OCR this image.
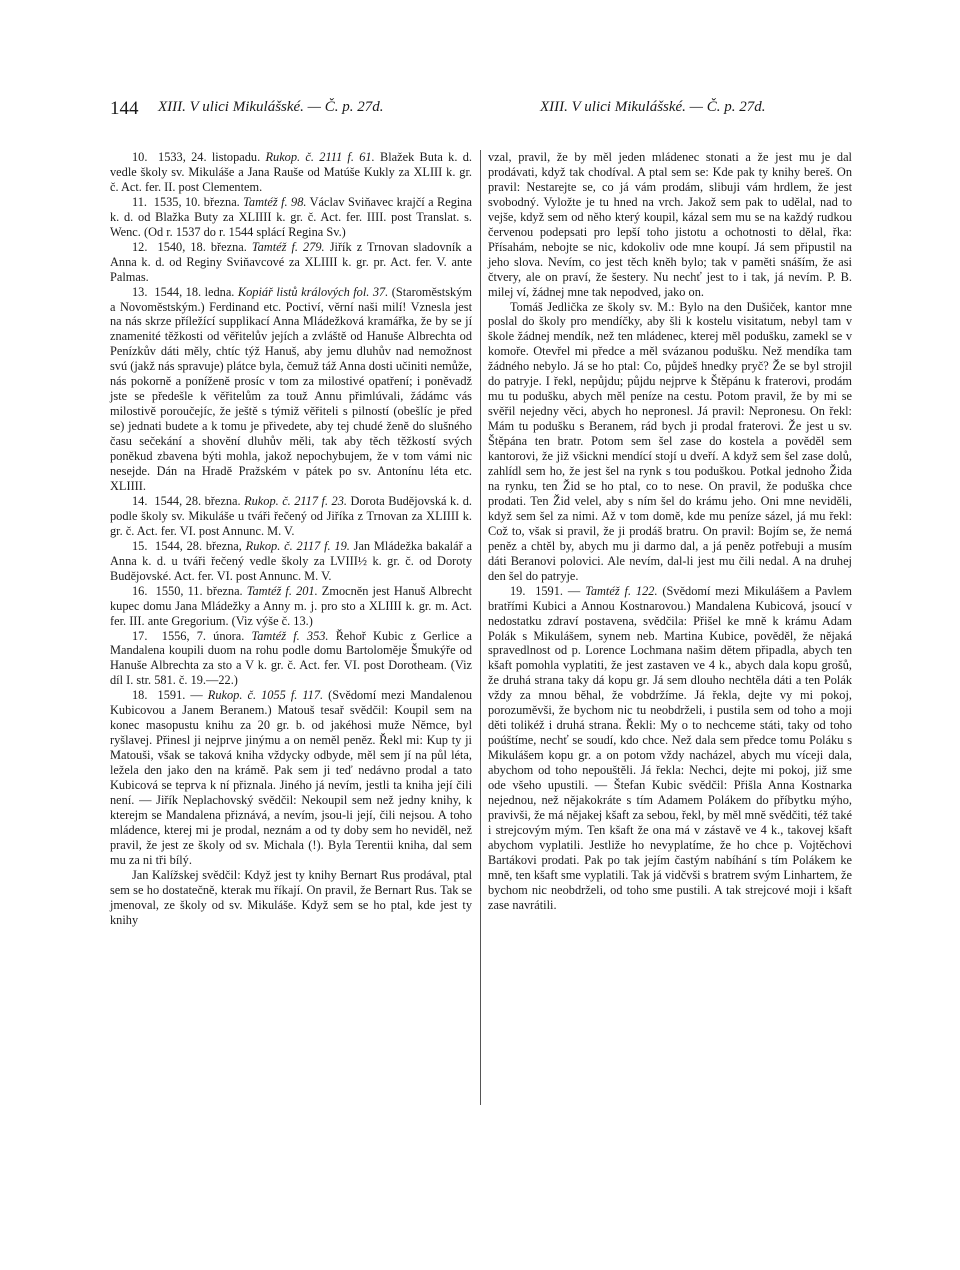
144 XIII. V ulici Mikulášské. — Č. p. 27d.	XIII. V ulici Mikulášské. — Č. p. 27d.

10.  1533, 24. listopadu. Rukop. č. 2111 f. 61. Blažek Buta k. d. vedle školy sv. Mikuláše a Jana Rauše od Matúše Kukly za XLIII k. gr. č. Act. fer. II. post Clementem.

11.  1535, 10. března. Tamtéž f. 98. Václav Sviňavec krajčí a Regina k. d. od Blažka Buty za XLIIII k. gr. č. Act. fer. IIII. post Translat. s. Wenc. (Od r. 1537 do r. 1544 splácí Regina Sv.)

12.  1540, 18. března. Tamtéž f. 279. Jiřík z Trnovan sladovník a Anna k. d. od Reginy Sviňavcové za XLIIII k. gr. pr. Act. fer. V. ante Palmas.

13.  1544, 18. ledna. Kopiář listů králových fol. 37. (Staroměstským a Novoměstským.) Ferdinand etc. Poctiví, věrní naši milí! Vznesla jest na nás skrze příležící supplikací Anna Mládežková kramářka, že by se jí znamenité těžkosti od věřitelův jejích a zvláště od Hanuše Albrechta od Penízkův dáti měly, chtíc týž Hanuš, aby jemu dluhův nad nemožnost svú (jakž nás spravuje) plátce byla, čemuž táž Anna dosti učiniti nemůže, nás pokorně a poníženě prosíc v tom za milostivé opatření; i poněvadž jste se předešle k věřitelům za touž Annu přimlúvali, žádámc vás milostivě poroučejíc, že ještě s týmiž věřiteli s pilností (obešlíc je před se) jednati budete a k tomu je přivedete, aby tej chudé ženě do slušného času sečekání a shovění dluhův měli, tak aby těch těžkostí svých poněkud zbavena býti mohla, jakož nepochybujem, že v tom vámi nic nesejde. Dán na Hradě Pražském v pátek po sv. Antonínu léta etc. XLIIII.

14.  1544, 28. března. Rukop. č. 2117 f. 23. Dorota Budějovská k. d. podle školy sv. Mikuláše u tváři řečený od Jiříka z Trnovan za XLIIII k. gr. č. Act. fer. VI. post Annunc. M. V.

15.  1544, 28. března, Rukop. č. 2117 f. 19. Jan Mládežka bakalář a Anna k. d. u tváři řečený vedle školy za LVIII½ k. gr. č. od Doroty Budějovské. Act. fer. VI. post Annunc. M. V.

16.  1550, 11. března. Tamtéž f. 201. Zmocněn jest Hanuš Albrecht kupec domu Jana Mládežky a Anny m. j. pro sto a XLIIII k. gr. m. Act. fer. III. ante Gregorium. (Viz výše č. 13.)

17.  1556, 7. února. Tamtéž f. 353. Řehoř Kubic z Gerlice a Mandalena koupili duom na rohu podle domu Bartoloměje Šmukýře od Hanuše Albrechta za sto a V k. gr. č. Act. fer. VI. post Dorotheam. (Viz díl I. str. 581. č. 19.—22.)

18.  1591. — Rukop. č. 1055 f. 117. (Svědomí mezi Mandalenou Kubicovou a Janem Beranem.) Matouš tesař svědčil: Koupil sem na konec masopustu knihu za 20 gr. b. od jakéhosi muže Němce, byl ryšlavej. Přinesl ji nejprve jinýmu a on neměl peněz. Řekl mi: Kup ty ji Matouši, však se taková kniha vždycky odbyde, měl sem jí na půl léta, ležela den jako den na krámě. Pak sem ji teď nedávno prodal a tato Kubicová se teprva k ní přiznala. Jiného já nevím, jestli ta kniha její čili není. — Jiřík Neplachovský svědčil: Nekoupil sem než jedny knihy, k kterejm se Mandalena přiznává, a nevím, jsou-li její, čili nejsou. A toho mládence, kterej mi je prodal, neznám a od ty doby sem ho neviděl, než pravil, že jest ze školy od sv. Michala (!). Byla Terentii kniha, dal sem mu za ni tři bílý.

Jan Kalížskej svědčil: Když jest ty knihy Bernart Rus prodával, ptal sem se ho dostatečně, kterak mu říkají. On pravil, že Bernart Rus. Tak se jmenoval, ze školy od sv. Mikuláše. Když sem se ho ptal, kde jest ty knihy

vzal, pravil, že by měl jeden mládenec stonati a že jest mu je dal prodávati, když tak chodíval. A ptal sem se: Kde pak ty knihy bereš. On pravil: Nestarejte se, co já vám prodám, slibuji vám hrdlem, že jest svobodný. Vyložte je tu hned na vrch. Jakož sem pak to udělal, nad to vejše, když sem od něho který koupil, kázal sem mu se na každý rudkou červenou podepsati pro lepší toho jistotu a ochotnosti to dělal, řka: Přísahám, nebojte se nic, kdokoliv ode mne koupí. Já sem připustil na jeho slova. Nevím, co jest těch kněh bylo; tak v paměti snáším, že asi čtvery, ale on praví, že šestery. Nu nechť jest to i tak, já nevím. P. B. milej ví, žádnej mne tak nepodved, jako on.

Tomáš Jedlička ze školy sv. M.: Bylo na den Dušiček, kantor mne poslal do školy pro mendíčky, aby šli k kostelu visitatum, nebyl tam v škole žádnej mendík, než ten mládenec, kterej měl podušku, zamekl se v komoře. Otevřel mi předce a měl svázanou podušku. Než mendíka tam žádného nebylo. Já se ho ptal: Co, půjdeš hnedky pryč? Že se byl strojil do patryje. I řekl, nepůjdu; půjdu nejprve k Štěpánu k fraterovi, prodám mu tu podušku, abych měl peníze na cestu. Potom pravil, že by mi se svěřil nejedny věci, abych ho nepronesl. Já pravil: Nepronesu. On řekl: Mám tu podušku s Beranem, rád bych ji prodal fraterovi. Že jest u sv. Štěpána ten bratr. Potom sem šel zase do kostela a pověděl sem kantorovi, že již všickni mendící stojí u dveří. A když sem šel zase dolů, zahlídl sem ho, že jest šel na rynk s tou poduškou. Potkal jednoho Žida na rynku, ten Žid se ho ptal, co to nese. On pravil, že poduška chce prodati. Ten Žid velel, aby s ním šel do krámu jeho. Oni mne neviděli, když sem šel za nimi. Až v tom domě, kde mu peníze sázel, já mu řekl: Což to, však si pravil, že ji prodáš bratru. On pravil: Bojím se, že nemá peněz a chtěl by, abych mu ji darmo dal, a já peněz potřebuji a musím dáti Beranovi polovici. Ale nevím, dal-li jest mu čili nedal. A na druhej den šel do patryje.

19.  1591. — Tamtéž f. 122. (Svědomí mezi Mikulášem a Pavlem bratřími Kubici a Annou Kostnarovou.) Mandalena Kubicová, jsoucí v nedostatku zdraví postavena, svědčila: Přišel ke mně k krámu Adam Polák s Mikulášem, synem neb. Martina Kubice, pověděl, že nějaká spravedlnost od p. Lorence Lochmana našim dětem připadla, abych ten kšaft pomohla vyplatiti, že jest zastaven ve 4 k., abych dala kopu grošů, že druhá strana taky dá kopu gr. Já sem dlouho nechtěla dáti a ten Polák vždy za mnou běhal, že vobdržíme. Já řekla, dejte vy mi pokoj, porozuměvši, že bychom nic tu neobdrželi, i pustila sem od toho a moji děti tolikéž i druhá strana. Řekli: My o to nechceme státi, taky od toho poúštíme, nechť se soudí, kdo chce. Než dala sem předce tomu Poláku s Mikulášem kopu gr. a on potom vždy nacházel, abych mu víceji dala, abychom od toho nepouštěli. Já řekla: Nechci, dejte mi pokoj, již sme ode všeho upustili. — Štefan Kubic svědčil: Přišla Anna Kostnarka nejednou, než nějakokráte s tím Adamem Polákem do příbytku mýho, pravivši, že má nějakej kšaft za sebou, řekl, by měl mně svědčiti, též také i strejcovým mým. Ten kšaft že ona má v zástavě ve 4 k., takovej kšaft abychom vyplatili. Jestliže ho nevyplatíme, že ho chce p. Vojtěchovi Bartákovi prodati. Pak po tak jejím častým nabíhání s tím Polákem ke mně, ten kšaft sme vyplatili. Tak já vidčvši s bratrem svým Linhartem, že bychom nic neobdrželi, od toho sme pustili. A tak strejcové moji i kšaft zase navrátili.
